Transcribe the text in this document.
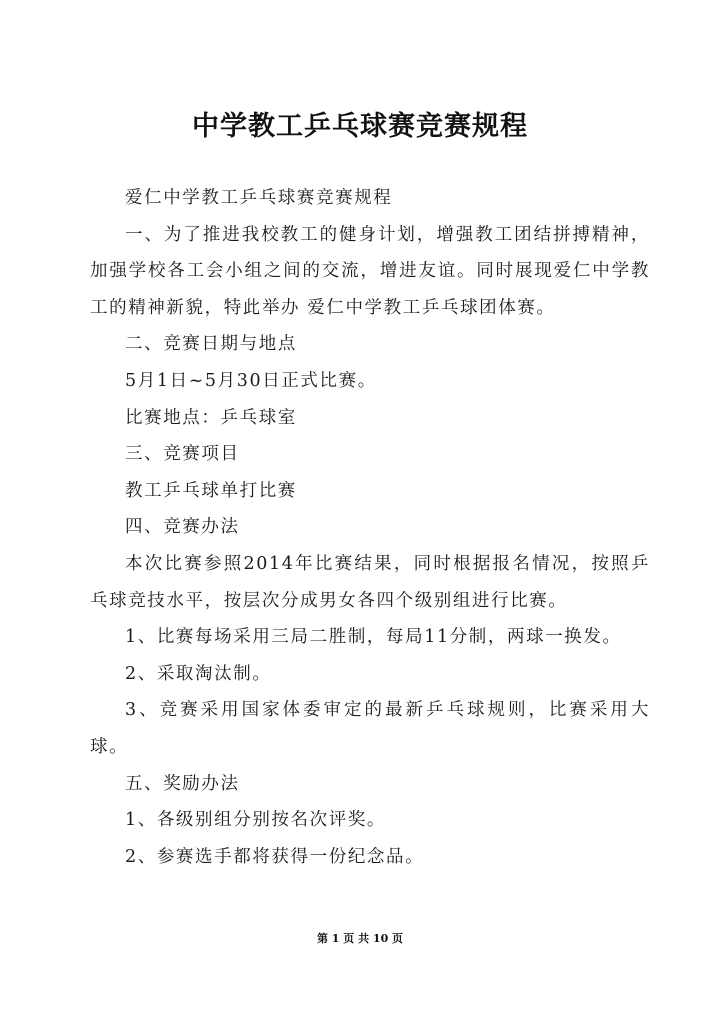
中学教工乒乓球赛竞赛规程

爱仁中学教工乒乓球赛竞赛规程

一、为了推进我校教工的健身计划，增强教工团结拼搏精神，加强学校各工会小组之间的交流，增进友谊。同时展现爱仁中学教工的精神新貌，特此举办 爱仁中学教工乒乓球团体赛。

二、竞赛日期与地点

5月1日~5月30日正式比赛。

比赛地点：乒乓球室

三、竞赛项目

教工乒乓球单打比赛

四、竞赛办法

本次比赛参照2014年比赛结果，同时根据报名情况，按照乒乓球竞技水平，按层次分成男女各四个级别组进行比赛。

1、比赛每场采用三局二胜制，每局11分制，两球一换发。

2、采取淘汰制。

3、竞赛采用国家体委审定的最新乒乓球规则，比赛采用大球。

五、奖励办法

1、各级别组分别按名次评奖。

2、参赛选手都将获得一份纪念品。

第 1 页 共 10 页
